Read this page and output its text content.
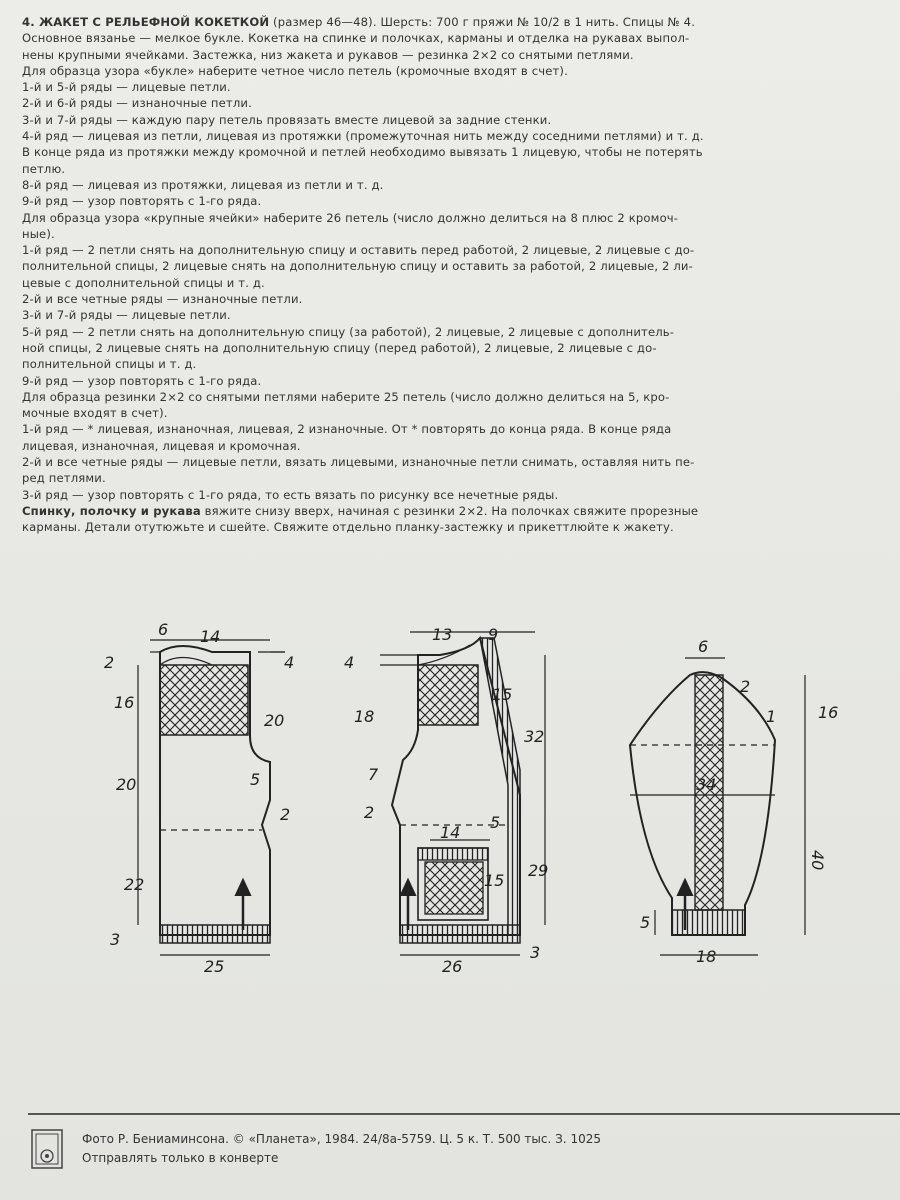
4. ЖАКЕТ С РЕЛЬЕФНОЙ КОКЕТКОЙ (размер 46—48). Шерсть: 700 г пряжи № 10/2 в 1 нить. Спицы № 4.

Основное вязанье — мелкое букле. Кокетка на спинке и полочках, карманы и отделка на рукавах выпол-

нены крупными ячейками. Застежка, низ жакета и рукавов — резинка 2×2 со снятыми петлями.

Для образца узора «букле» наберите четное число петель (кромочные входят в счет).

1-й и 5-й ряды — лицевые петли.

2-й и 6-й ряды — изнаночные петли.

3-й и 7-й ряды — каждую пару петель провязать вместе лицевой за задние стенки.

4-й ряд — лицевая из петли, лицевая из протяжки (промежуточная нить между соседними петлями) и т. д.

В конце ряда из протяжки между кромочной и петлей необходимо вывязать 1 лицевую, чтобы не потерять

петлю.

8-й ряд — лицевая из протяжки, лицевая из петли и т. д.

9-й ряд — узор повторять с 1-го ряда.

Для образца узора «крупные ячейки» наберите 26 петель (число должно делиться на 8 плюс 2 кромоч-

ные).

1-й ряд — 2 петли снять на дополнительную спицу и оставить перед работой, 2 лицевые, 2 лицевые с до-

полнительной спицы, 2 лицевые снять на дополнительную спицу и оставить за работой, 2 лицевые, 2 ли-

цевые с дополнительной спицы и т. д.

2-й и все четные ряды — изнаночные петли.

3-й и 7-й ряды — лицевые петли.

5-й ряд — 2 петли снять на дополнительную спицу (за работой), 2 лицевые, 2 лицевые с дополнитель-

ной спицы, 2 лицевые снять на дополнительную спицу (перед работой), 2 лицевые, 2 лицевые с до-

полнительной спицы и т. д.

9-й ряд — узор повторять с 1-го ряда.

Для образца резинки 2×2 со снятыми петлями наберите 25 петель (число должно делиться на 5, кро-

мочные входят в счет).

1-й ряд — * лицевая, изнаночная, лицевая, 2 изнаночные. От * повторять до конца ряда. В конце ряда

лицевая, изнаночная, лицевая и кромочная.

2-й и все четные ряды — лицевые петли, вязать лицевыми, изнаночные петли снимать, оставляя нить пе-

ред петлями.

3-й ряд — узор повторять с 1-го ряда, то есть вязать по рисунку все нечетные ряды.

Спинку, полочку и рукава вяжите снизу вверх, начиная с резинки 2×2. На полочках свяжите прорезные

карманы. Детали отутюжьте и сшейте. Свяжите отдельно планку-застежку и прикеттлюйте к жакету.

6 14
2	4
16
20
20	5
2
22
3
25
13 9
4
15
18
32
7
2
14
5
15
29
26
3
6
2
16
1
34
40
5
18
Фото Р. Бениаминсона. © «Планета», 1984. 24/8а-5759. Ц. 5 к. Т. 500 тыс. З. 1025
Отправлять только в конверте
